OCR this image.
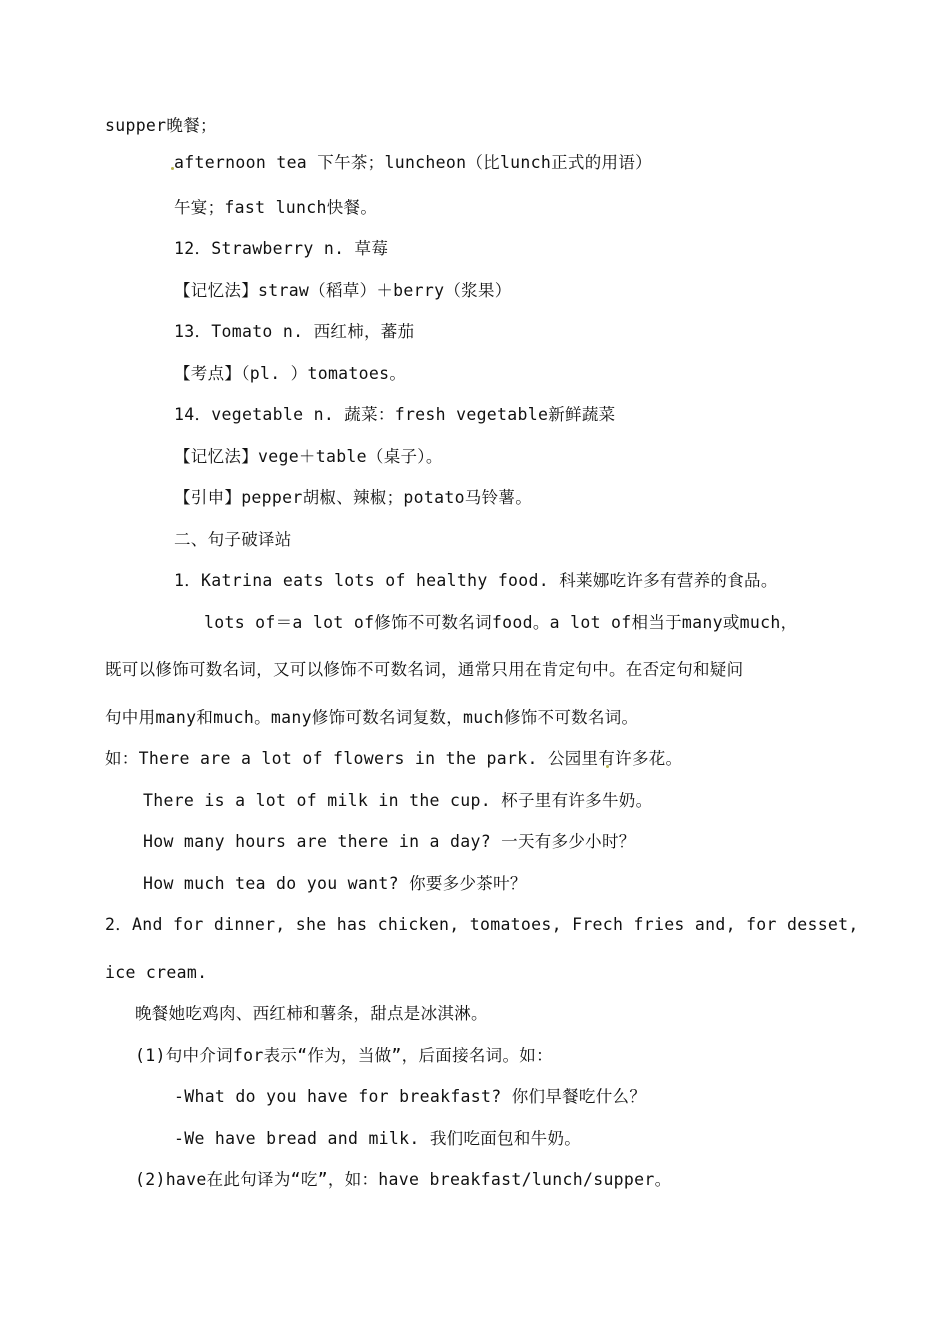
supper晚餐；
afternoon tea 下午茶；luncheon（比lunch正式的用语）
午宴；fast lunch快餐。
12．Strawberry n. 草莓
【记忆法】straw（稻草）＋berry（浆果）
13．Tomato n. 西红柿，蕃茄
【考点】（pl. ）tomatoes。
14．vegetable n. 蔬菜：fresh vegetable新鲜蔬菜
【记忆法】vege＋table（桌子）。
【引申】pepper胡椒、辣椒；potato马铃薯。
二、句子破译站
1．Katrina eats lots of healthy food. 科莱娜吃许多有营养的食品。
lots of＝a lot of修饰不可数名词food。a lot of相当于many或much，
既可以修饰可数名词，又可以修饰不可数名词，通常只用在肯定句中。在否定句和疑问
句中用many和much。many修饰可数名词复数，much修饰不可数名词。
如：There are a lot of flowers in the park. 公园里有许多花。
There is a lot of milk in the cup. 杯子里有许多牛奶。
How many hours are there in a day? 一天有多少小时？
How much tea do you want? 你要多少茶叶？
2．And for dinner, she has chicken, tomatoes, Frech fries and, for desset,
ice cream.
晚餐她吃鸡肉、西红柿和薯条，甜点是冰淇淋。
(1)句中介词for表示“作为，当做”，后面接名词。如：
-What do you have for breakfast? 你们早餐吃什么？
-We have bread and milk. 我们吃面包和牛奶。
(2)have在此句译为“吃”，如：have breakfast/lunch/supper。
